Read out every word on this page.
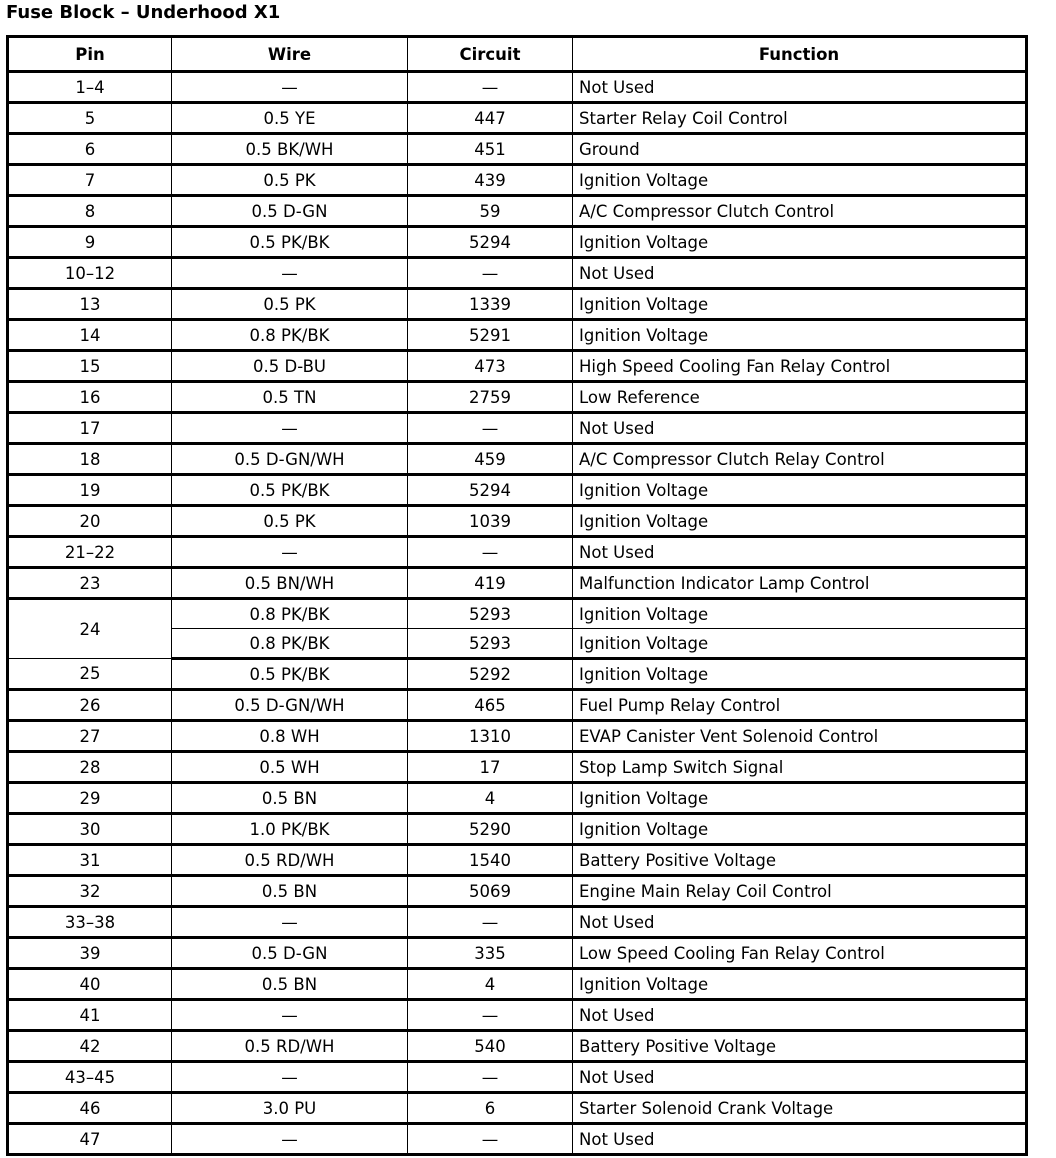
Fuse Block – Underhood X1
Pin	Wire	Circuit	Function
1–4	—	—	Not Used
5	0.5 YE	447	Starter Relay Coil Control
6	0.5 BK/WH	451	Ground
7	0.5 PK	439	Ignition Voltage
8	0.5 D-GN	59	A/C Compressor Clutch Control
9	0.5 PK/BK	5294	Ignition Voltage
10–12	—	—	Not Used
13	0.5 PK	1339	Ignition Voltage
14	0.8 PK/BK	5291	Ignition Voltage
15	0.5 D-BU	473	High Speed Cooling Fan Relay Control
16	0.5 TN	2759	Low Reference
17	—	—	Not Used
18	0.5 D-GN/WH	459	A/C Compressor Clutch Relay Control
19	0.5 PK/BK	5294	Ignition Voltage
20	0.5 PK	1039	Ignition Voltage
21–22	—	—	Not Used
23	0.5 BN/WH	419	Malfunction Indicator Lamp Control
24	0.8 PK/BK	5293	Ignition Voltage
	0.8 PK/BK	5293	Ignition Voltage
25	0.5 PK/BK	5292	Ignition Voltage
26	0.5 D-GN/WH	465	Fuel Pump Relay Control
27	0.8 WH	1310	EVAP Canister Vent Solenoid Control
28	0.5 WH	17	Stop Lamp Switch Signal
29	0.5 BN	4	Ignition Voltage
30	1.0 PK/BK	5290	Ignition Voltage
31	0.5 RD/WH	1540	Battery Positive Voltage
32	0.5 BN	5069	Engine Main Relay Coil Control
33–38	—	—	Not Used
39	0.5 D-GN	335	Low Speed Cooling Fan Relay Control
40	0.5 BN	4	Ignition Voltage
41	—	—	Not Used
42	0.5 RD/WH	540	Battery Positive Voltage
43–45	—	—	Not Used
46	3.0 PU	6	Starter Solenoid Crank Voltage
47	—	—	Not Used
